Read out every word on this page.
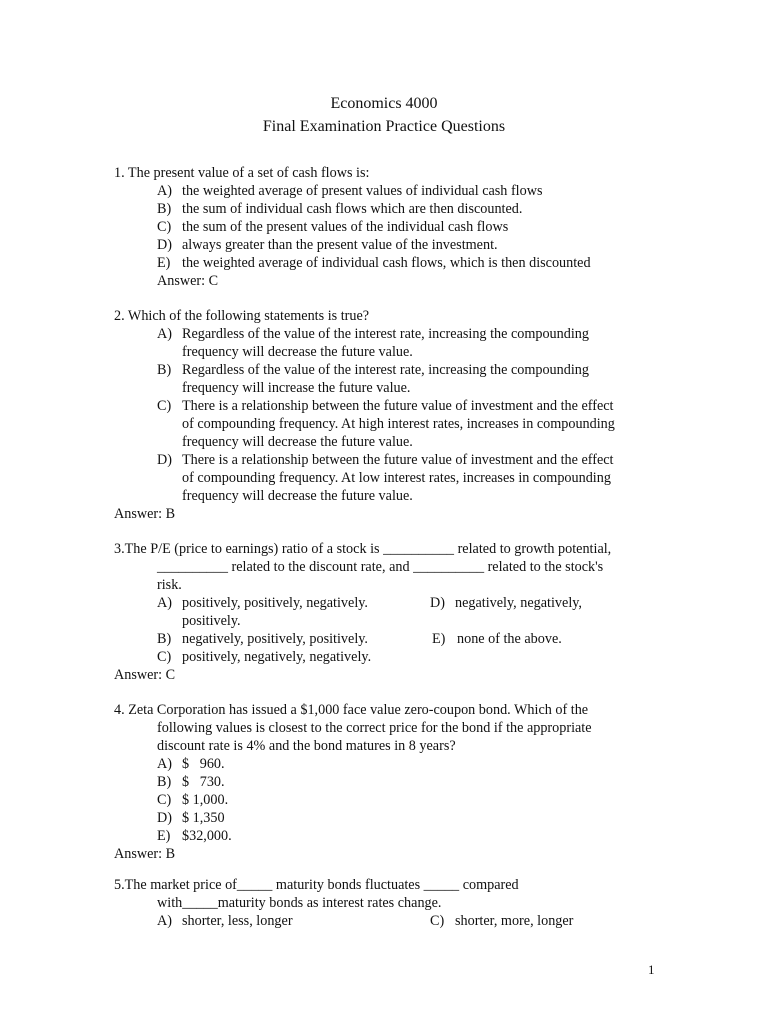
Economics 4000
Final Examination Practice Questions
1. The present value of a set of cash flows is:
A) the weighted average of present values of individual cash flows
B) the sum of individual cash flows which are then discounted.
C) the sum of the present values of the individual cash flows
D) always greater than the present value of the investment.
E) the weighted average of individual cash flows, which is then discounted
Answer: C
2. Which of the following statements is true?
A) Regardless of the value of the interest rate, increasing the compounding
frequency will decrease the future value.
B) Regardless of the value of the interest rate, increasing the compounding
frequency will increase the future value.
C) There is a relationship between the future value of investment and the effect
of compounding frequency. At high interest rates, increases in compounding
frequency will decrease the future value.
D) There is a relationship between the future value of investment and the effect
of compounding frequency. At low interest rates, increases in compounding
frequency will decrease the future value.
Answer: B
3.The P/E (price to earnings) ratio of a stock is __________ related to growth potential,
__________ related to the discount rate, and __________ related to the stock's
risk.
A) positively, positively, negatively.	D) negatively, negatively,
positively.
B) negatively, positively, positively.	E) none of the above.
C) positively, negatively, negatively.
Answer: C
4. Zeta Corporation has issued a $1,000 face value zero-coupon bond. Which of the
following values is closest to the correct price for the bond if the appropriate
discount rate is 4% and the bond matures in 8 years?
A) $   960.
B) $   730.
C) $ 1,000.
D) $ 1,350
E) $32,000.
Answer: B
5.The market price of_____ maturity bonds fluctuates _____ compared
with_____maturity bonds as interest rates change.
A) shorter, less, longer	C) shorter, more, longer
1
